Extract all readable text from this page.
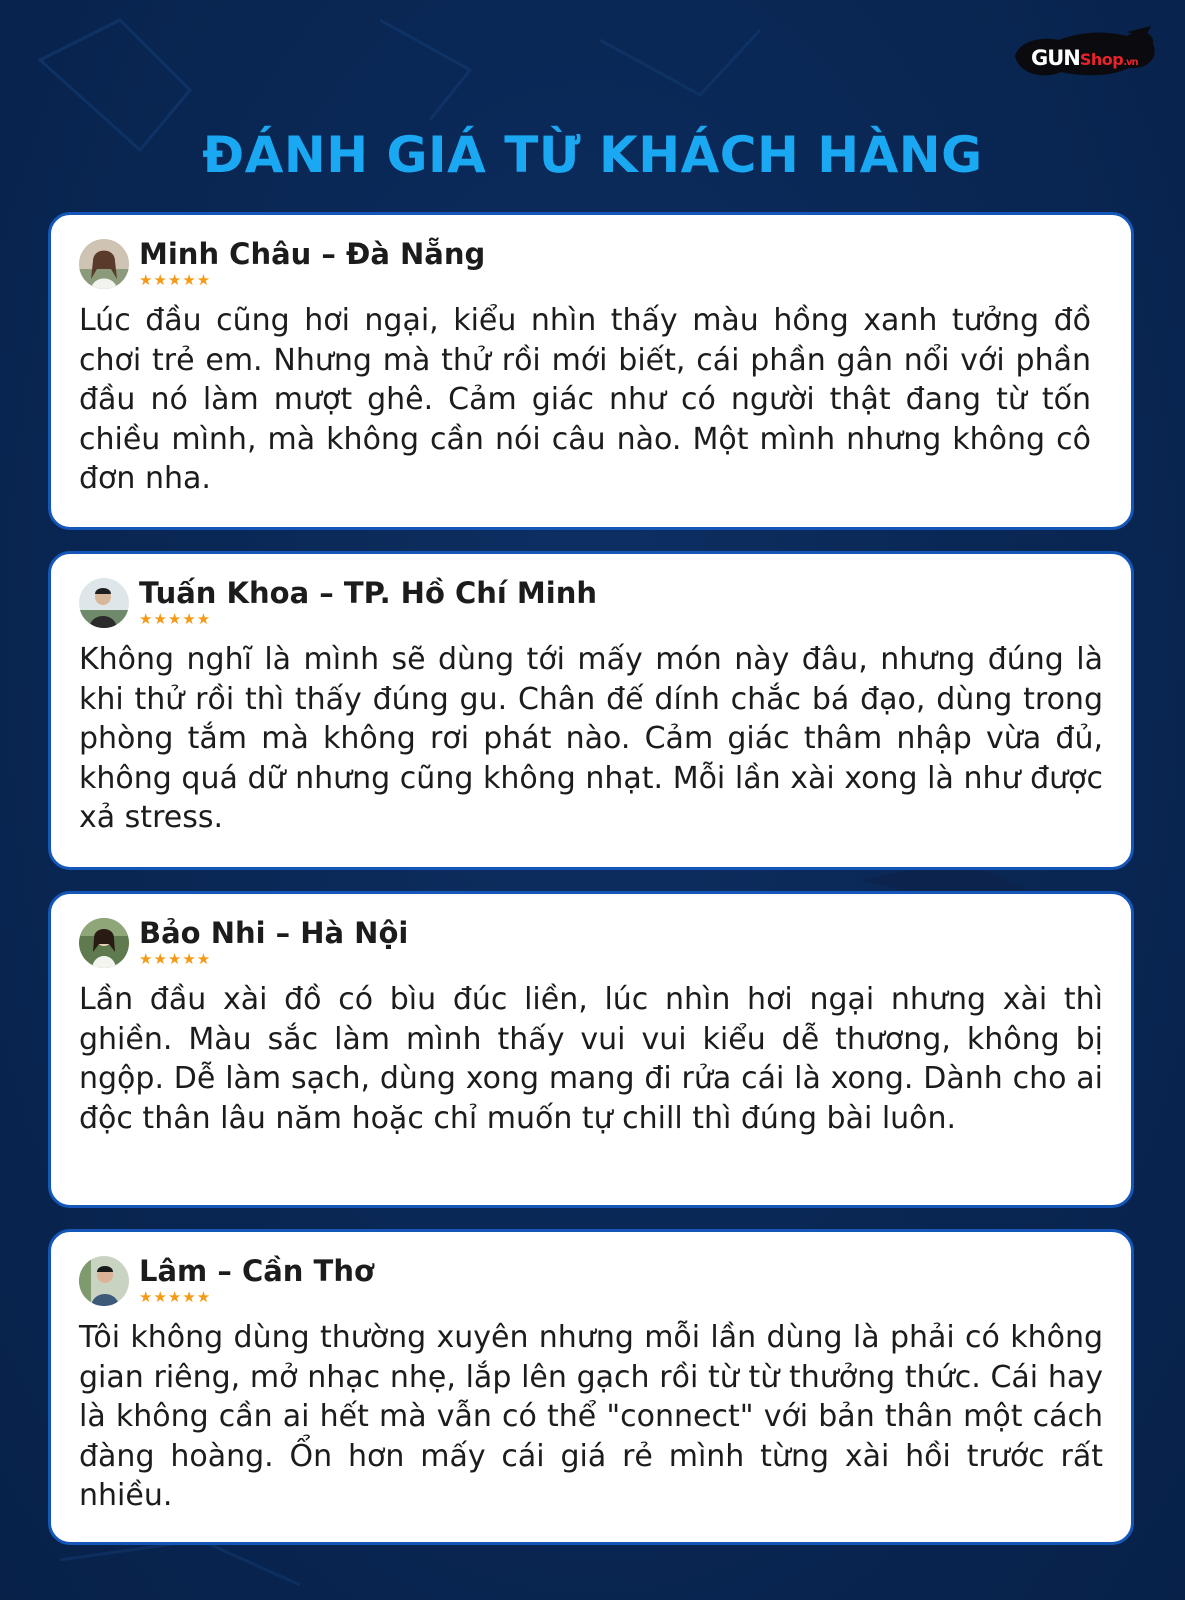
GUNShop.vn
ĐÁNH GIÁ TỪ KHÁCH HÀNG
Minh Châu – Đà Nẵng
★★★★★

Lúc đầu cũng hơi ngại, kiểu nhìn thấy màu hồng xanh tưởng đồ chơi trẻ em. Nhưng mà thử rồi mới biết, cái phần gân nổi với phần đầu nó làm mượt ghê. Cảm giác như có người thật đang từ tốn chiều mình, mà không cần nói câu nào. Một mình nhưng không cô đơn nha.

Tuấn Khoa – TP. Hồ Chí Minh
★★★★★

Không nghĩ là mình sẽ dùng tới mấy món này đâu, nhưng đúng là khi thử rồi thì thấy đúng gu. Chân đế dính chắc bá đạo, dùng trong phòng tắm mà không rơi phát nào. Cảm giác thâm nhập vừa đủ, không quá dữ nhưng cũng không nhạt. Mỗi lần xài xong là như được xả stress.

Bảo Nhi – Hà Nội
★★★★★

Lần đầu xài đồ có bìu đúc liền, lúc nhìn hơi ngại nhưng xài thì ghiền. Màu sắc làm mình thấy vui vui kiểu dễ thương, không bị ngộp. Dễ làm sạch, dùng xong mang đi rửa cái là xong. Dành cho ai độc thân lâu năm hoặc chỉ muốn tự chill thì đúng bài luôn.

Lâm – Cần Thơ
★★★★★

Tôi không dùng thường xuyên nhưng mỗi lần dùng là phải có không gian riêng, mở nhạc nhẹ, lắp lên gạch rồi từ từ thưởng thức. Cái hay là không cần ai hết mà vẫn có thể "connect" với bản thân một cách đàng hoàng. Ổn hơn mấy cái giá rẻ mình từng xài hồi trước rất nhiều.
